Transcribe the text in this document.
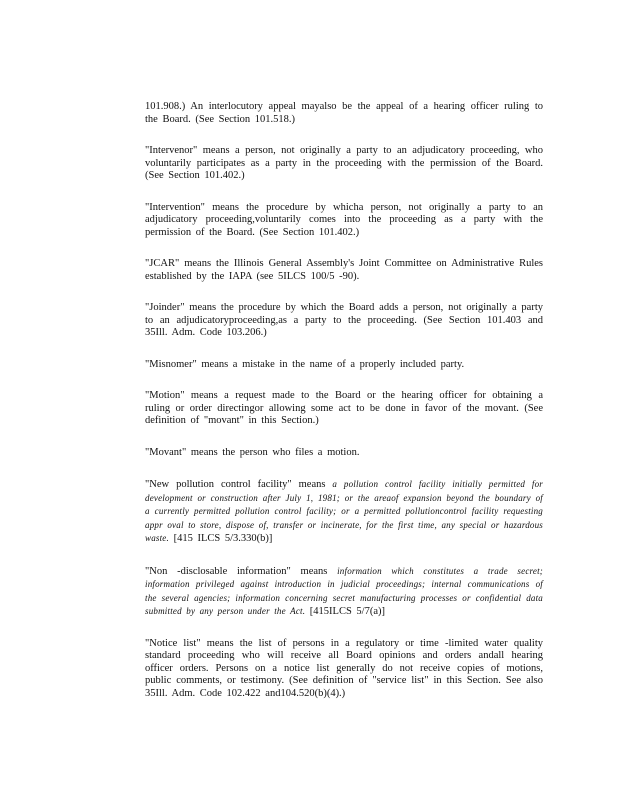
101.908.) An interlocutory appeal mayalso be the appeal of a hearing officer ruling to the Board. (See Section 101.518.)

"Intervenor" means a person, not originally a party to an adjudicatory proceeding, who voluntarily participates as a party in the proceeding with the permission of the Board. (See Section 101.402.)

"Intervention" means the procedure by whicha person, not originally a party to an adjudicatory proceeding,voluntarily comes into the proceeding as a party with the permission of the Board. (See Section 101.402.)

"JCAR" means the Illinois General Assembly's Joint Committee on Administrative Rules established by the IAPA (see 5ILCS 100/5 -90).

"Joinder" means the procedure by which the Board adds a person, not originally a party to an adjudicatoryproceeding,as a party to the proceeding. (See Section 101.403 and 35Ill. Adm. Code 103.206.)

"Misnomer" means a mistake in the name of a properly included party.

"Motion" means a request made to the Board or the hearing officer for obtaining a ruling or order directingor allowing some act to be done in favor of the movant. (See definition of "movant" in this Section.)

"Movant" means the person who files a motion.

"New pollution control facility" means a pollution control facility initially permitted for development or construction after July 1, 1981; or the areaof expansion beyond the boundary of a currently permitted pollution control facility; or a permitted pollutioncontrol facility requesting appr oval to store, dispose of, transfer or incinerate, for the first time, any special or hazardous waste. [415 ILCS 5/3.330(b)]

"Non -disclosable information" means information which constitutes a trade secret; information privileged against introduction in judicial proceedings; internal communications of the several agencies; information concerning secret manufacturing processes or confidential data submitted by any person under the Act. [415ILCS 5/7(a)]

"Notice list" means the list of persons in a regulatory or time -limited water quality standard proceeding who will receive all Board opinions and orders andall hearing officer orders. Persons on a notice list generally do not receive copies of motions, public comments, or testimony. (See definition of "service list" in this Section. See also 35Ill. Adm. Code 102.422 and104.520(b)(4).)
